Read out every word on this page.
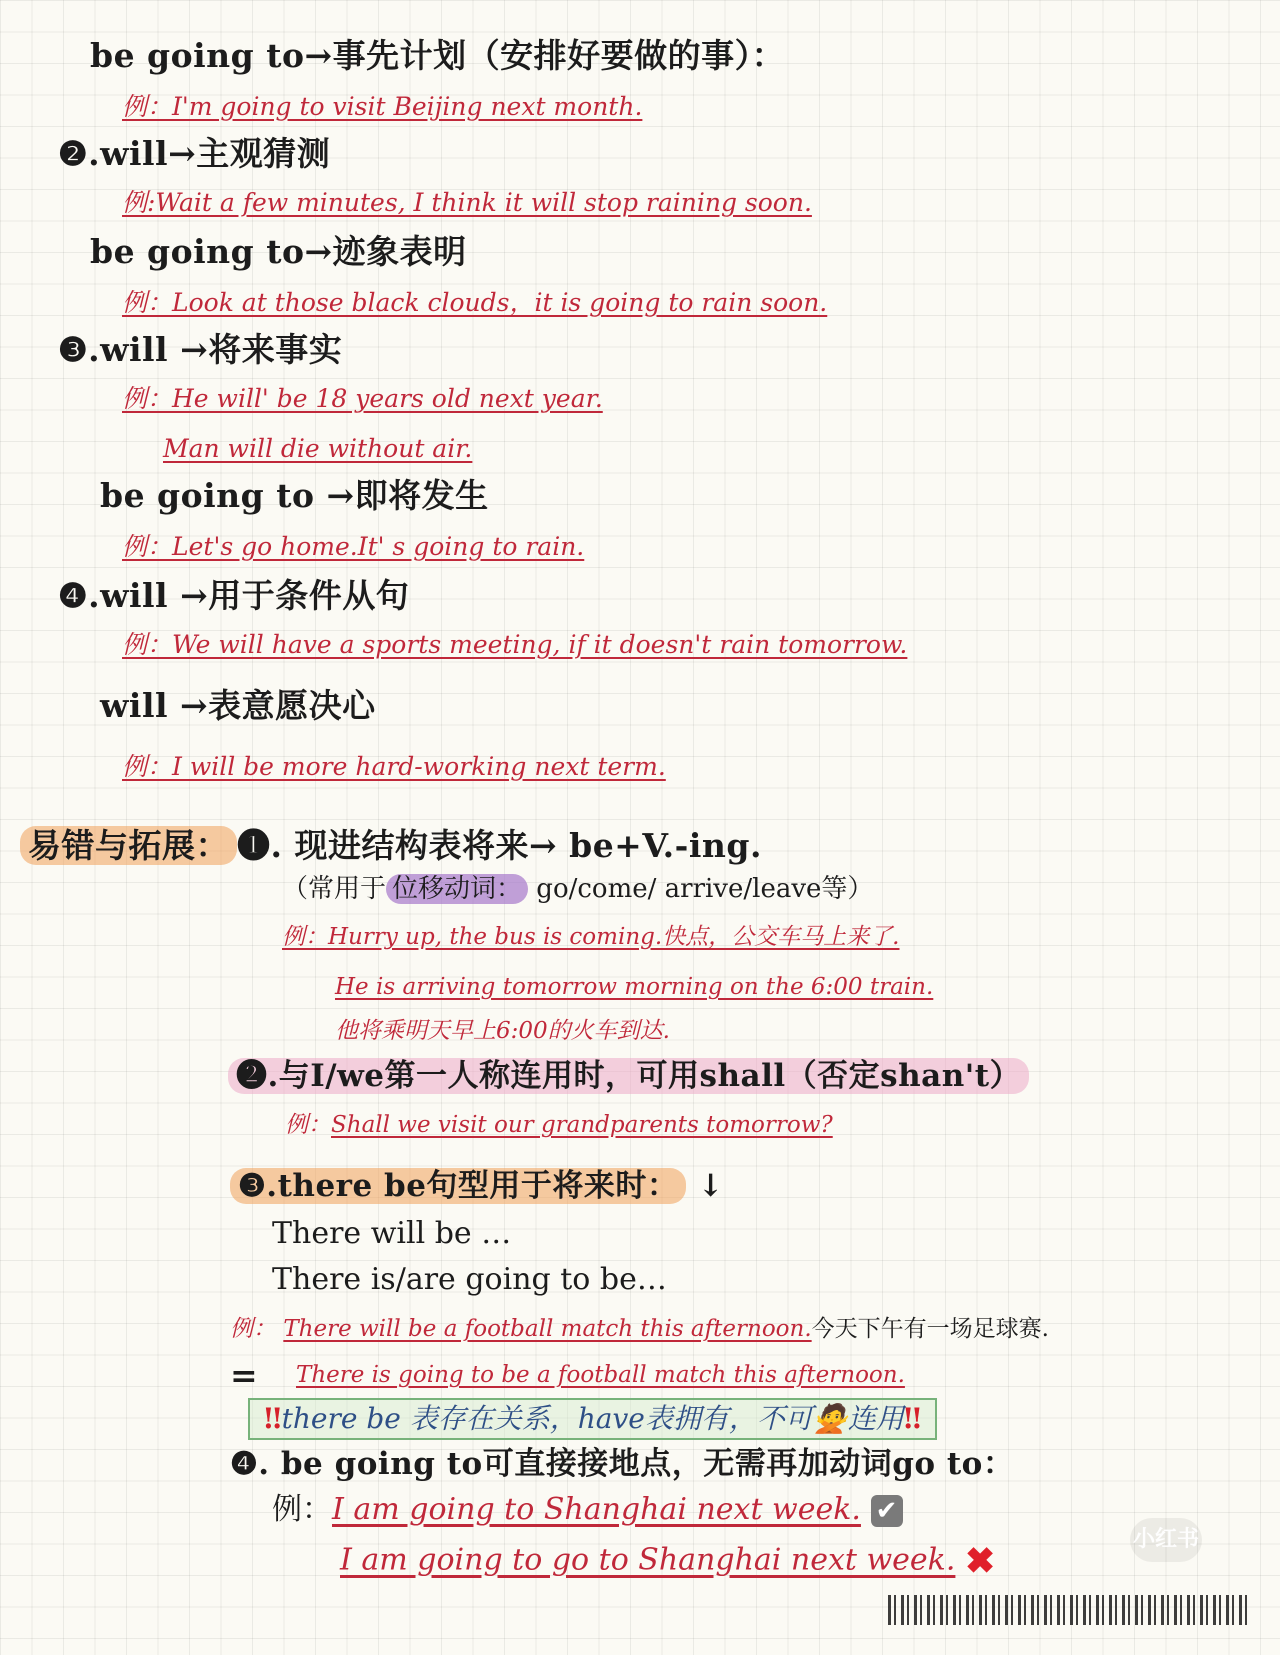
be going to→事先计划（安排好要做的事）：
例：I'm going to visit Beijing next month.
❷.will→主观猜测
例:Wait a few minutes, I think it will stop raining soon.
be going to→迹象表明
例：Look at those black clouds，it is going to rain soon.
❸.will →将来事实
例：He will' be 18 years old next year.
Man will die without air.
be going to →即将发生
例：Let's go home.It' s going to rain.
❹.will →用于条件从句
例：We will have a sports meeting, if it doesn't rain tomorrow.
will →表意愿决心
例：I will be more hard-working next term.
易错与拓展： ❶. 现进结构表将来→ be+V.-ing.
（常用于 位移动词： go/come/ arrive/leave等）
例：Hurry up, the bus is coming.快点，公交车马上来了.
He is arriving tomorrow morning on the 6:00 train.
他将乘明天早上6:00的火车到达.
❷.与I/we第一人称连用时，可用shall（否定shan't）
例：Shall we visit our grandparents tomorrow?
❸.there be句型用于将来时： ↓
There will be …
There is/are going to be…
例： There will be a football match this afternoon.今天下午有一场足球赛.
= There is going to be a football match this afternoon.
‼there be 表存在关系，have表拥有，不可🙅连用‼
❹. be going to可直接接地点，无需再加动词go to：
例：I am going to Shanghai next week. ✔
I am going to go to Shanghai next week. ✖
小红书
